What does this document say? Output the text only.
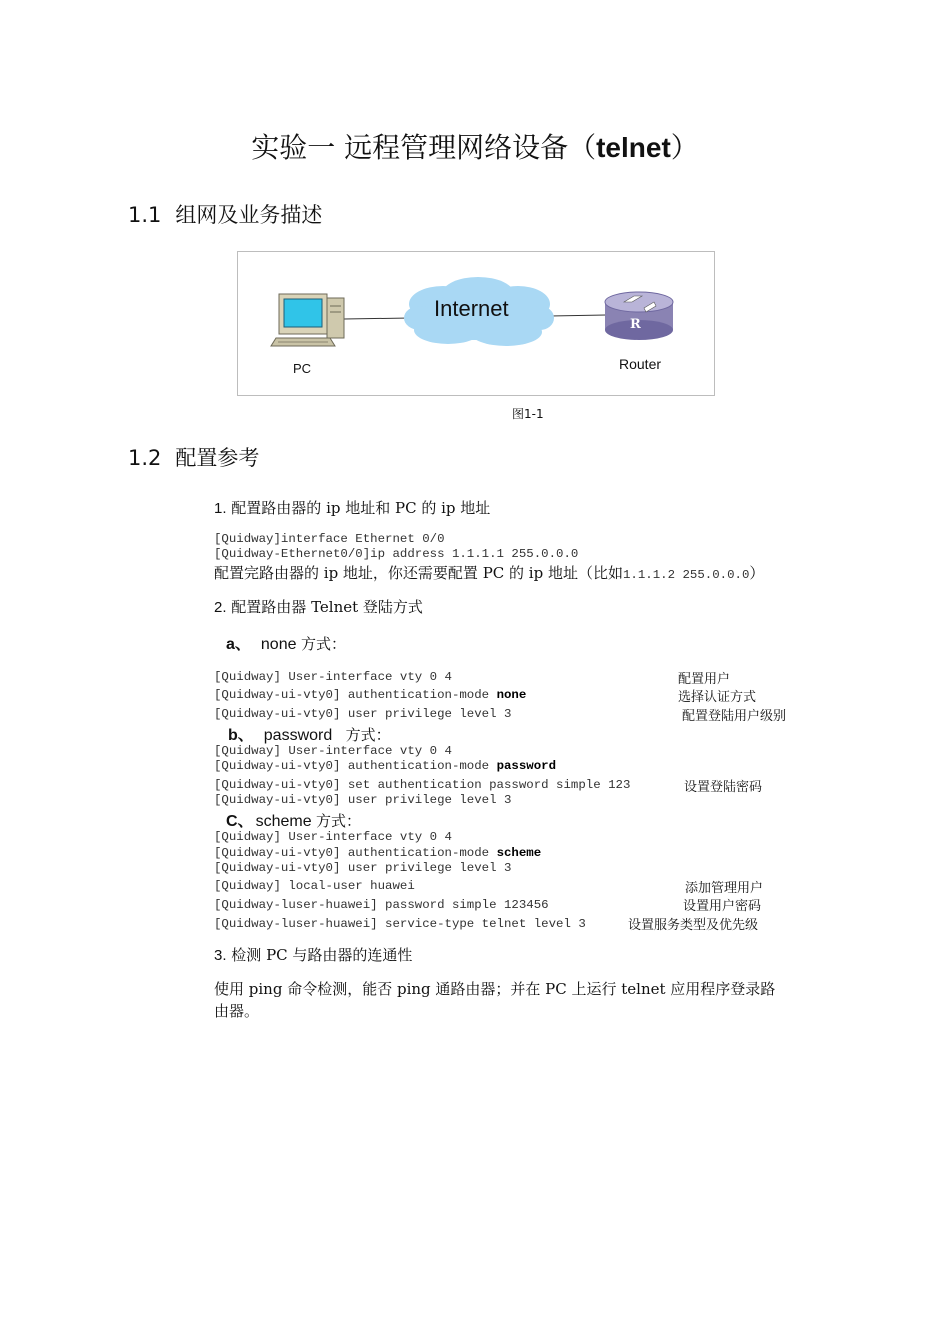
实验一 远程管理网络设备（telnet）
1.1 组网及业务描述
Internet
R
PC	Router
图1-1
1.2 配置参考
1. 配置路由器的 ip 地址和 PC 的 ip 地址
[Quidway]interface Ethernet 0/0
[Quidway-Ethernet0/0]ip address 1.1.1.1 255.0.0.0
配置完路由器的 ip 地址，你还需要配置 PC 的 ip 地址（比如1.1.1.2 255.0.0.0）
2. 配置路由器 Telnet 登陆方式
a、 none 方式：
[Quidway] User-interface vty 0 4	配置用户
[Quidway-ui-vty0] authentication-mode none	选择认证方式
[Quidway-ui-vty0] user privilege level 3	配置登陆用户级别
b、 password 方式：
[Quidway] User-interface vty 0 4
[Quidway-ui-vty0] authentication-mode password
[Quidway-ui-vty0] set authentication password simple 123	设置登陆密码
[Quidway-ui-vty0] user privilege level 3
C、 scheme 方式：
[Quidway] User-interface vty 0 4
[Quidway-ui-vty0] authentication-mode scheme
[Quidway-ui-vty0] user privilege level 3
[Quidway] local-user huawei	添加管理用户
[Quidway-luser-huawei] password simple 123456	设置用户密码
[Quidway-luser-huawei] service-type telnet level 3	设置服务类型及优先级
3. 检测 PC 与路由器的连通性
使用 ping 命令检测，能否 ping 通路由器；并在 PC 上运行 telnet 应用程序登录路
由器。
